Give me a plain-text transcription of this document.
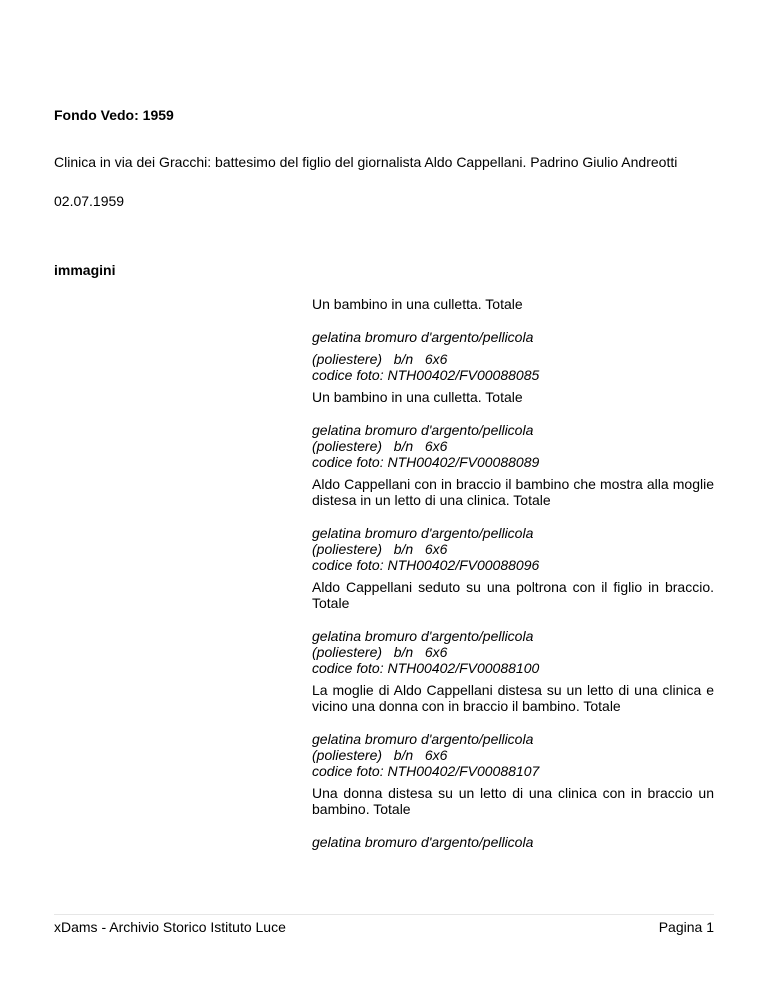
Fondo Vedo: 1959
Clinica in via dei Gracchi: battesimo del figlio del giornalista Aldo Cappellani. Padrino Giulio Andreotti
02.07.1959
immagini
Un bambino in una culletta. Totale
gelatina bromuro d'argento/pellicola
(poliestere)   b/n   6x6
codice foto: NTH00402/FV00088085
Un bambino in una culletta. Totale
gelatina bromuro d'argento/pellicola
(poliestere)   b/n   6x6
codice foto: NTH00402/FV00088089
Aldo Cappellani con in braccio il bambino che mostra alla moglie distesa in un letto di una clinica. Totale
gelatina bromuro d'argento/pellicola
(poliestere)   b/n   6x6
codice foto: NTH00402/FV00088096
Aldo Cappellani seduto su una poltrona con il figlio in braccio. Totale
gelatina bromuro d'argento/pellicola
(poliestere)   b/n   6x6
codice foto: NTH00402/FV00088100
La moglie di Aldo Cappellani distesa su un letto di una clinica e vicino una donna con in braccio il bambino. Totale
gelatina bromuro d'argento/pellicola
(poliestere)   b/n   6x6
codice foto: NTH00402/FV00088107
Una donna distesa su un letto di una clinica con in braccio un bambino. Totale
gelatina bromuro d'argento/pellicola
xDams - Archivio Storico Istituto Luce	Pagina 1
